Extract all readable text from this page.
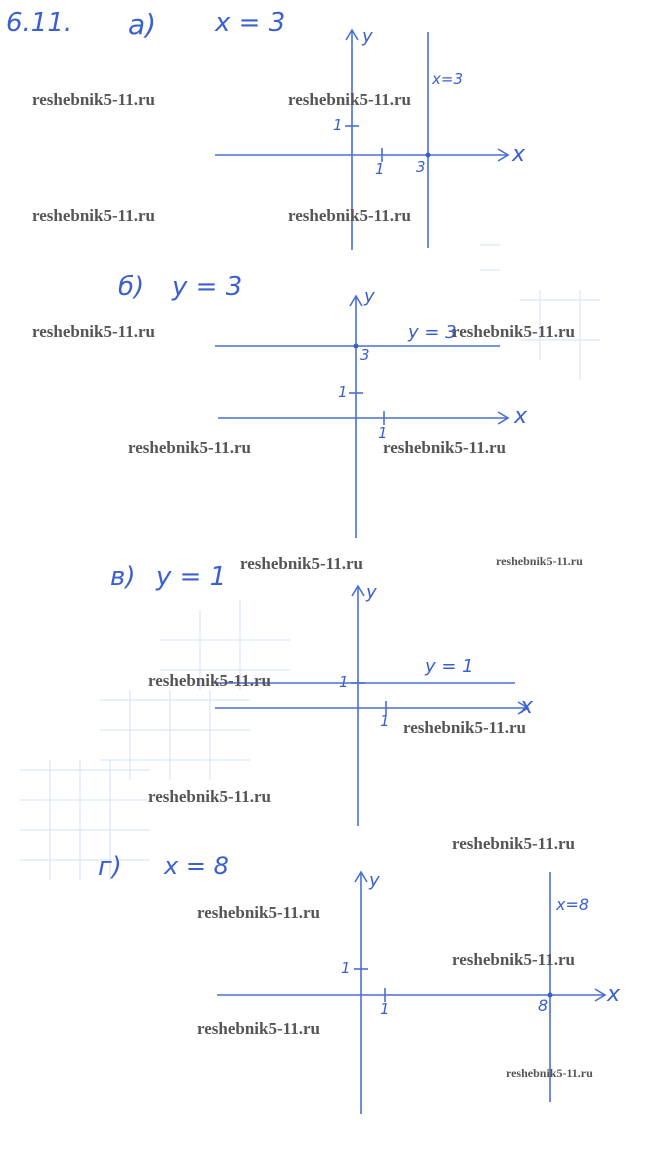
6.11. а) x = 3	y
x
x=3
1
1 3
б) y = 3	y
x
y = 3
3
1
1
в) y = 1
y
x
y = 1
1
1
г) x = 8
y
x
x=8
1
1	8
reshebnik5-11.ru	reshebnik5-11.ru
reshebnik5-11.ru	reshebnik5-11.ru
reshebnik5-11.ru	reshebnik5-11.ru
reshebnik5-11.ru	reshebnik5-11.ru
reshebnik5-11.ru	reshebnik5-11.ru
reshebnik5-11.ru
reshebnik5-11.ru
reshebnik5-11.ru
reshebnik5-11.ru
reshebnik5-11.ru
reshebnik5-11.ru
reshebnik5-11.ru
reshebnik5-11.ru
